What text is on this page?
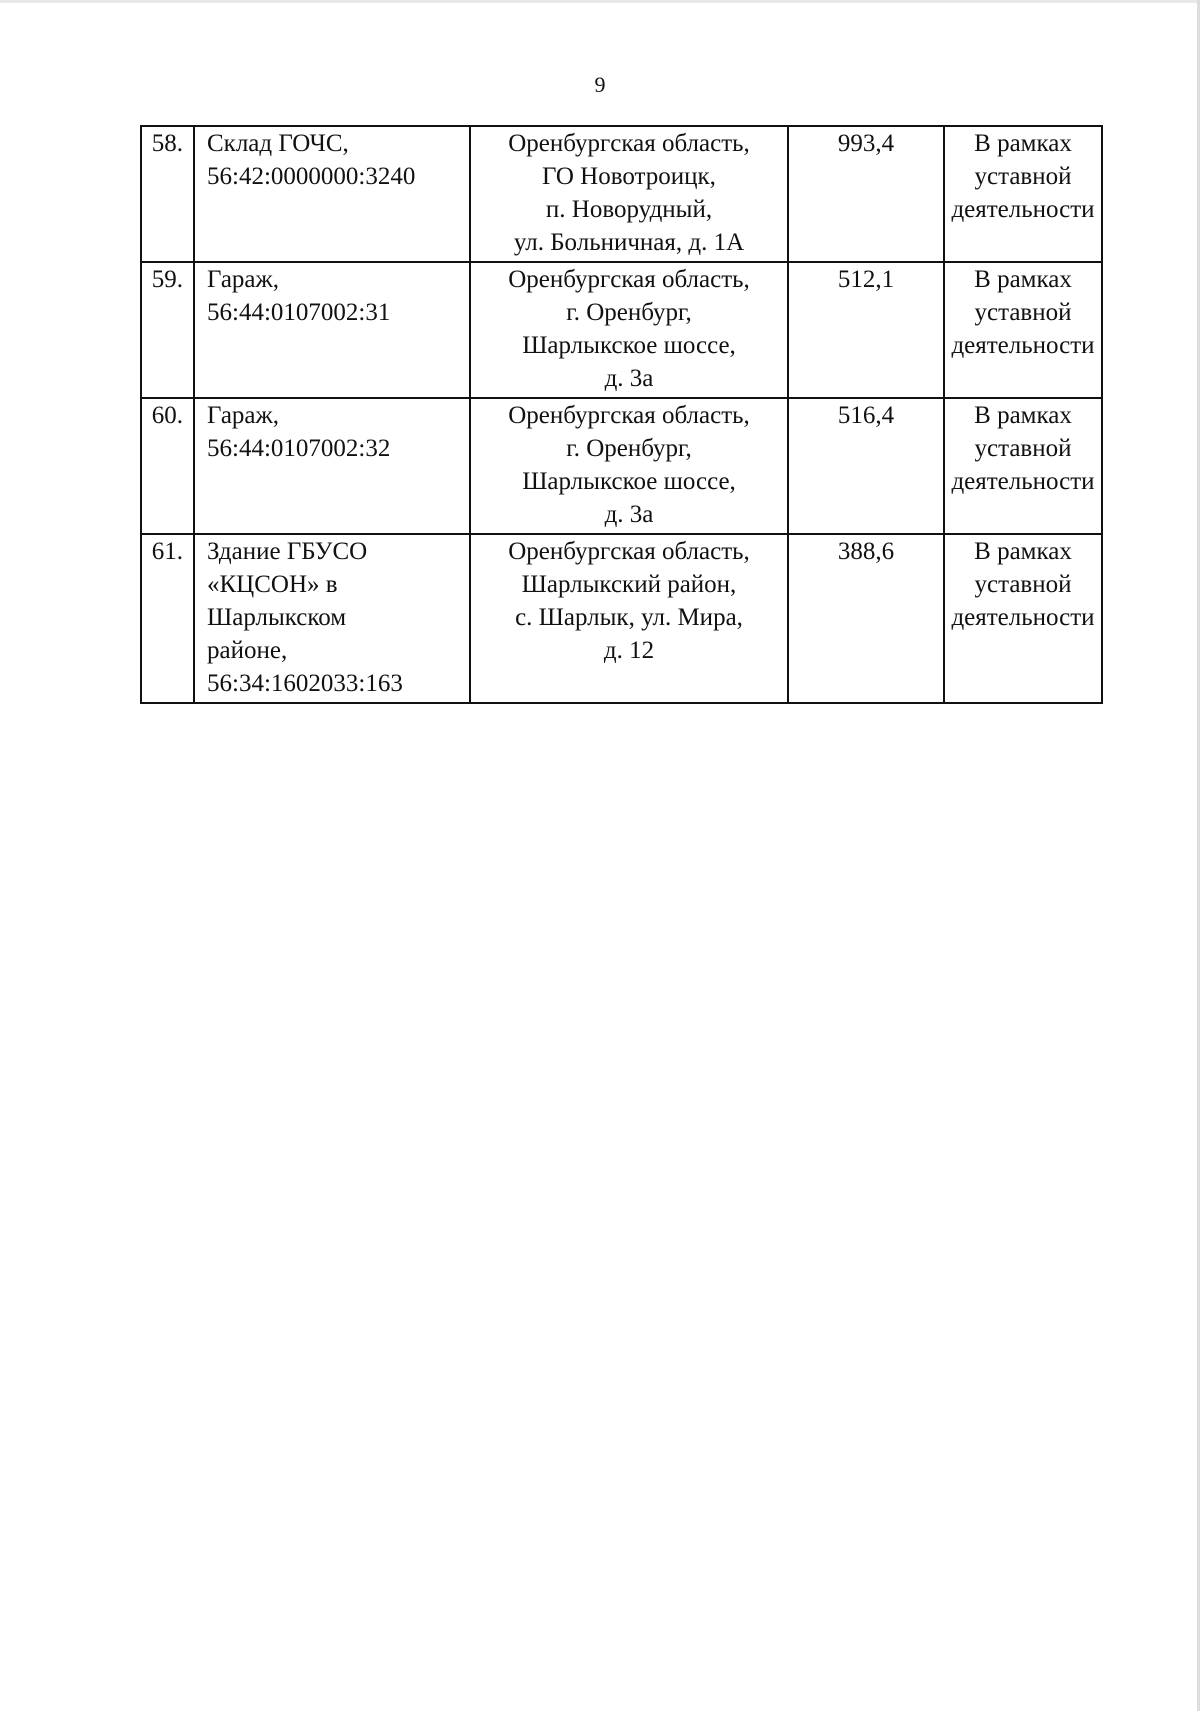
9
58.	Склад ГОЧС,
56:42:0000000:3240	Оренбургская область,
ГО Новотроицк,
п. Новорудный,
ул. Больничная, д. 1А	993,4	В рамках
уставной
деятельности

59.	Гараж,
56:44:0107002:31	Оренбургская область,
г. Оренбург,
Шарлыкское шоссе,
д. 3а	512,1	В рамках
уставной
деятельности

60.	Гараж,
56:44:0107002:32	Оренбургская область,
г. Оренбург,
Шарлыкское шоссе,
д. 3а	516,4	В рамках
уставной
деятельности

61.	Здание ГБУСО
«КЦСОН» в
Шарлыкском
районе,
56:34:1602033:163	Оренбургская область,
Шарлыкский район,
с. Шарлык, ул. Мира,
д. 12	388,6	В рамках
уставной
деятельности
